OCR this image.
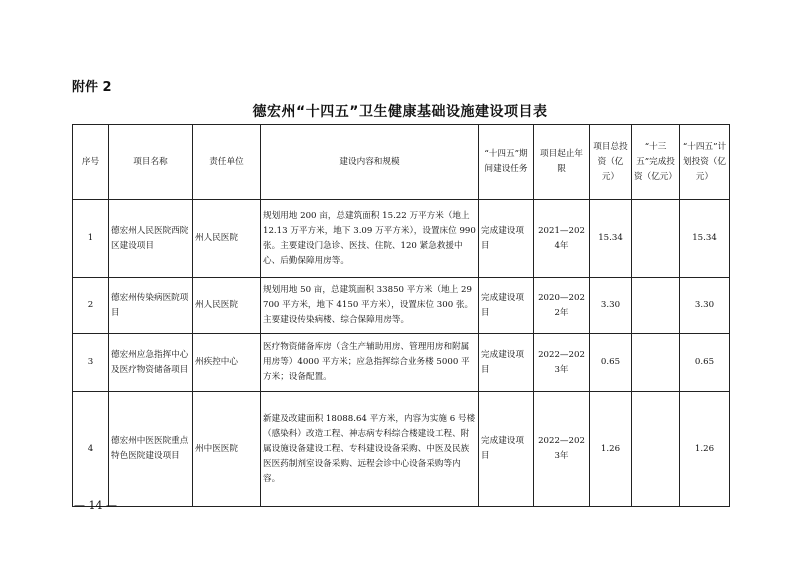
附件 2
德宏州“十四五”卫生健康基础设施建设项目表
序号	项目名称	责任单位	建设内容和规模	“十四五”期间建设任务	项目起止年限	项目总投资（亿元）	“十三五”完成投资（亿元）	“十四五”计划投资（亿元）
1	德宏州人民医院西院区建设项目	州人民医院	规划用地 200 亩，总建筑面积 15.22 万平方米（地上 12.13 万平方米，地下 3.09 万平方米），设置床位 990 张。主要建设门急诊、医技、住院、120 紧急救援中心、后勤保障用房等。	完成建设项目	2021—2024年	15.34		15.34
2	德宏州传染病医院项目	州人民医院	规划用地 50 亩，总建筑面积 33850 平方米（地上 29700 平方米，地下 4150 平方米），设置床位 300 张。主要建设传染病楼、综合保障用房等。	完成建设项目	2020—2022年	3.30		3.30
3	德宏州应急指挥中心及医疗物资储备项目	州疾控中心	医疗物资储备库房（含生产辅助用房、管理用房和附属用房等）4000 平方米；应急指挥综合业务楼 5000 平方米；设备配置。	完成建设项目	2022—2023年	0.65		0.65
4	德宏州中医医院重点特色医院建设项目	州中医医院	新建及改建面积 18088.64 平方米，内容为实施 6 号楼（感染科）改造工程、神志病专科综合楼建设工程、附属设施设备建设工程、专科建设设备采购、中医及民族医医药制剂室设备采购、远程会诊中心设备采购等内容。	完成建设项目	2022—2023年	1.26		1.26
— 14 —
